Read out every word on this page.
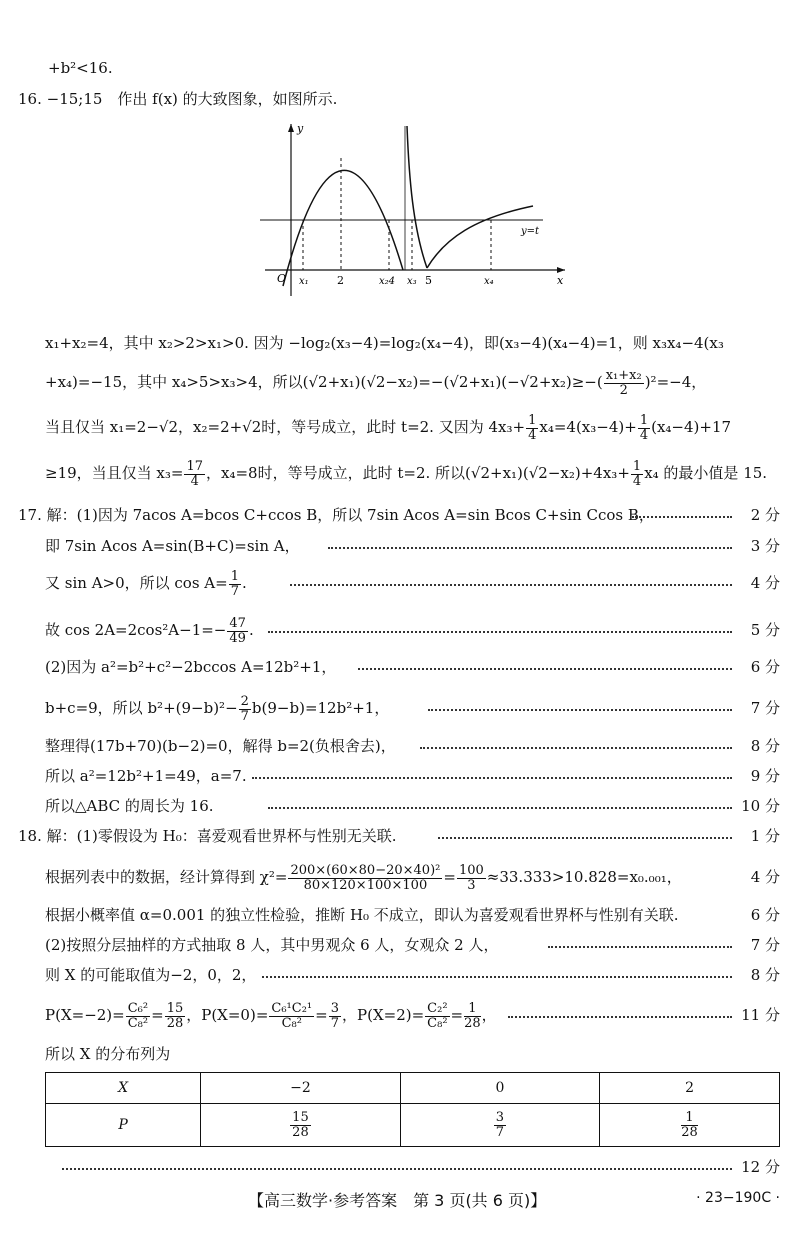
+b²<16.
16. −15;15　作出 f(x) 的大致图象，如图所示.
y
x
O x₁	2	x₂4 x₃ 5	x₄
y=t
x₁+x₂=4，其中 x₂>2>x₁>0. 因为 −log₂(x₃−4)=log₂(x₄−4)，即(x₃−4)(x₄−4)=1，则 x₃x₄−4(x₃
+x₄)=−15，其中 x₄>5>x₃>4，所以$(√2+x_1)(√2-x_2)=-(√2+x_1)(-√2+x_2)\ge-( \frac{\text{x₁+x₂}}{2} )^2=-4$，
当且仅当 x₁=2−√2，x₂=2+√2时，等号成立，此时 t=2. 又因为 $4x_3+ \frac{1}{4} x_4=4(x_3-4)+ \frac{1}{4} (x_4-4)+17$
≥19，当且仅当 $x_3= \frac{17}{4}$ ，x₄=8时，等号成立，此时 t=2. 所以$(√2+x_1)(√2-x_2)+4x_3+ \frac{1}{4} x_4$ 的最小值是 15.
17. 解：(1)因为 7acos A=bcos C+ccos B，所以 7sin Acos A=sin Bcos C+sin Ccos B，	2 分
即 7sin Acos A=sin(B+C)=sin A，	3 分
又 sin A>0，所以 $\cos A= \frac{1}{7}$ .	4 分
故 $\cos 2A=2\cos^2A-1=- \frac{47}{49}$ .	5 分
(2)因为 a²=b²+c²−2bccos A=12b²+1，	6 分
b+c=9，所以 $b^2+(9-b)^2- \frac{2}{7} b(9-b)=12b^2+1$，	7 分
整理得(17b+70)(b−2)=0，解得 b=2(负根舍去)，	8 分
所以 a²=12b²+1=49，a=7.	9 分
所以△ABC 的周长为 16.	10 分
18. 解：(1)零假设为 H₀：喜爱观看世界杯与性别无关联.	1 分
根据列表中的数据，经计算得到 $\chi^2= \frac{\text{200×(60×80−20×40)²}}{80\times 120\times 100\times 100} = \frac{100}{3} \approx 33.333>10.828=x_0._{001}$，	4 分
根据小概率值 α=0.001 的独立性检验，推断 H₀ 不成立，即认为喜爱观看世界杯与性别有关联.	6 分
(2)按照分层抽样的方式抽取 8 人，其中男观众 6 人，女观众 2 人，	7 分
则 X 的可能取值为−2，0，2，	8 分
$P(X=-2)= \frac{\text{C₆²}}{\text{C₈²}} = \frac{15}{28}$ ，$P(X=0)= \frac{\text{C₆¹C₂¹}}{\text{C₈²}} = \frac{3}{7}$ ，$P(X=2)= \frac{\text{C₂²}}{\text{C₈²}} = \frac{1}{28}$ ，	11 分
所以 X 的分布列为
X	−2	0	2
P	$\frac{15}{28}$	$\frac{3}{7}$	$\frac{1}{28}$
12 分
【高三数学·参考答案　第 3 页(共 6 页)】	· 23−190C ·
